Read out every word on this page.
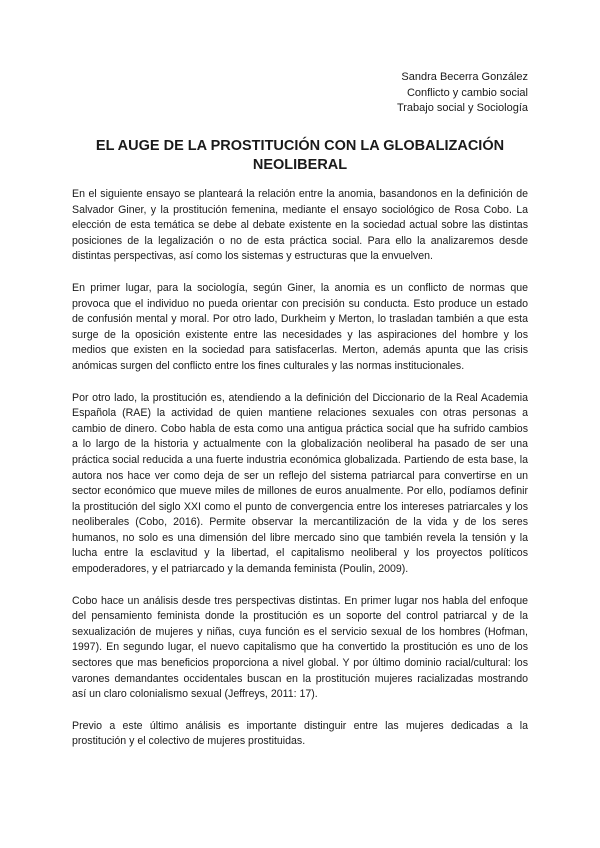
Sandra Becerra González
Conflicto y cambio social
Trabajo social y Sociología
EL AUGE DE LA PROSTITUCIÓN CON LA GLOBALIZACIÓN NEOLIBERAL

En el siguiente ensayo se planteará la relación entre la anomia, basandonos en la definición de Salvador Giner, y la prostitución femenina, mediante el ensayo sociológico de Rosa Cobo. La elección de esta temática se debe al debate existente en la sociedad actual sobre las distintas posiciones de la legalización o no de esta práctica social. Para ello la analizaremos desde distintas perspectivas, así como los sistemas y estructuras que la envuelven.

En primer lugar, para la sociología, según Giner, la anomia es un conflicto de normas que provoca que el individuo no pueda orientar con precisión su conducta. Esto produce un estado de confusión mental y moral. Por otro lado, Durkheim y Merton, lo trasladan también a que esta surge de la oposición existente entre las necesidades y las aspiraciones del hombre y los medios que existen en la sociedad para satisfacerlas. Merton, además apunta que las crisis anómicas surgen del conflicto entre los fines culturales y las normas institucionales.

Por otro lado, la prostitución es, atendiendo a la definición del Diccionario de la Real Academia Española (RAE) la actividad de quien mantiene relaciones sexuales con otras personas a cambio de dinero. Cobo habla de esta como una antigua práctica social que ha sufrido cambios a lo largo de la historia y actualmente con la globalización neoliberal ha pasado de ser una práctica social reducida a una fuerte industria económica globalizada. Partiendo de esta base, la autora nos hace ver como deja de ser un reflejo del sistema patriarcal para convertirse en un sector económico que mueve miles de millones de euros anualmente. Por ello, podíamos definir la prostitución del siglo XXI como el punto de convergencia entre los intereses patriarcales y los neoliberales (Cobo, 2016). Permite observar la mercantilización de la vida y de los seres humanos, no solo es una dimensión del libre mercado sino que también revela la tensión y la lucha entre la esclavitud y la libertad, el capitalismo neoliberal y los proyectos políticos empoderadores, y el patriarcado y la demanda feminista (Poulin, 2009).

Cobo hace un análisis desde tres perspectivas distintas. En primer lugar nos habla del enfoque del pensamiento feminista donde la prostitución es un soporte del control patriarcal y de la sexualización de mujeres y niñas, cuya función es el servicio sexual de los hombres (Hofman, 1997). En segundo lugar, el nuevo capitalismo que ha convertido la prostitución es uno de los sectores que mas beneficios proporciona a nivel global. Y por último dominio racial/cultural: los varones demandantes occidentales buscan en la prostitución mujeres racializadas mostrando así un claro colonialismo sexual (Jeffreys, 2011: 17).

Previo a este último análisis es importante distinguir entre las mujeres dedicadas a la prostitución y el colectivo de mujeres prostituidas.
